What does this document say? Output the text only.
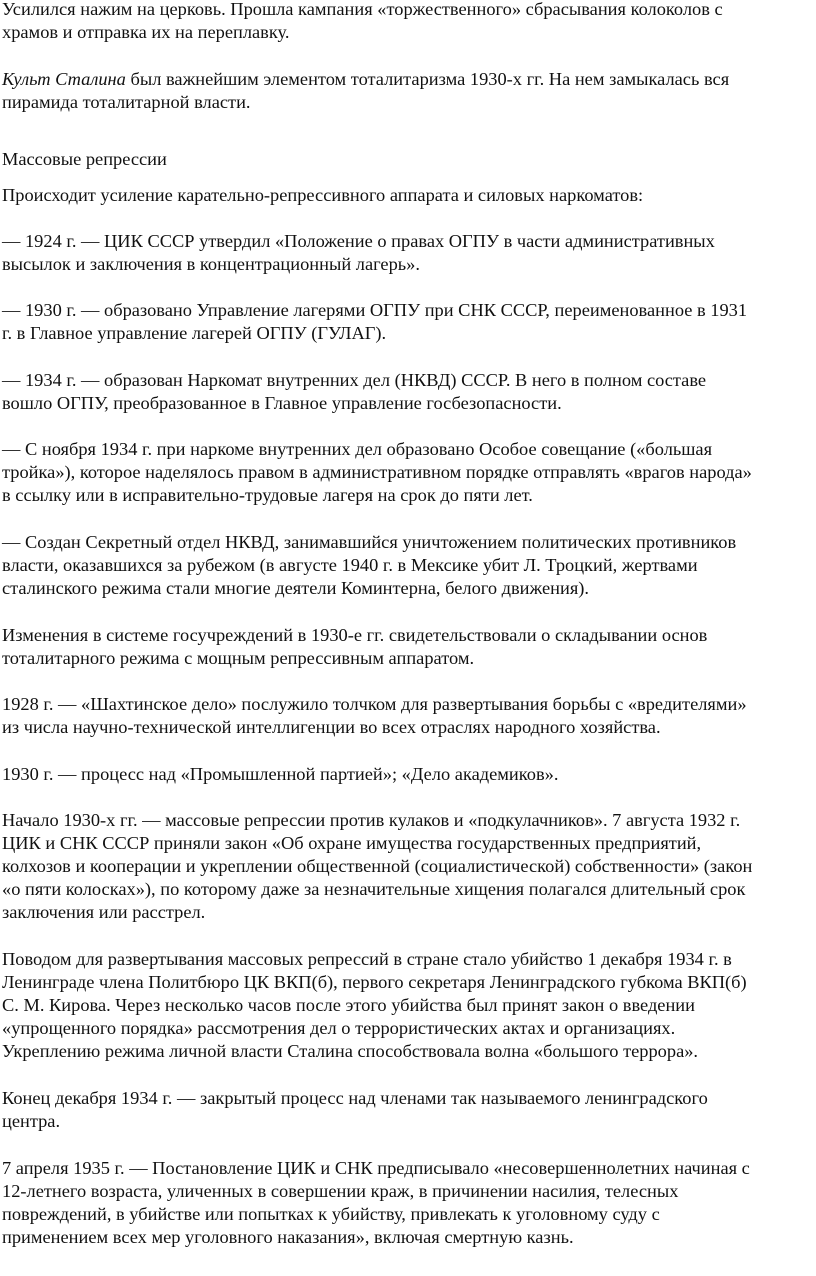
Усилился нажим на церковь. Прошла кампания «торжественного» сбрасывания колоколов с
храмов и отправка их на переплавку.

Культ Сталина был важнейшим элементом тоталитаризма 1930-х гг. На нем замыкалась вся
пирамида тоталитарной власти.

Массовые репрессии

Происходит усиление карательно-репрессивного аппарата и силовых наркоматов:

— 1924 г. — ЦИК СССР утвердил «Положение о правах ОГПУ в части административных
высылок и заключения в концентрационный лагерь».

— 1930 г. — образовано Управление лагерями ОГПУ при СНК СССР, переименованное в 1931
г. в Главное управление лагерей ОГПУ (ГУЛАГ).

— 1934 г. — образован Наркомат внутренних дел (НКВД) СССР. В него в полном составе
вошло ОГПУ, преобразованное в Главное управление госбезопасности.

— С ноября 1934 г. при наркоме внутренних дел образовано Особое совещание («большая
тройка»), которое наделялось правом в административном порядке отправлять «врагов народа»
в ссылку или в исправительно-трудовые лагеря на срок до пяти лет.

— Создан Секретный отдел НКВД, занимавшийся уничтожением политических противников
власти, оказавшихся за рубежом (в августе 1940 г. в Мексике убит Л. Троцкий, жертвами
сталинского режима стали многие деятели Коминтерна, белого движения).

Изменения в системе госучреждений в 1930-е гг. свидетельствовали о складывании основ
тоталитарного режима с мощным репрессивным аппаратом.

1928 г. — «Шахтинское дело» послужило толчком для развертывания борьбы с «вредителями»
из числа научно-технической интеллигенции во всех отраслях народного хозяйства.

1930 г. — процесс над «Промышленной партией»; «Дело академиков».

Начало 1930-х гг. — массовые репрессии против кулаков и «подкулачников». 7 августа 1932 г.
ЦИК и СНК СССР приняли закон «Об охране имущества государственных предприятий,
колхозов и кооперации и укреплении общественной (социалистической) собственности» (закон
«о пяти колосках»), по которому даже за незначительные хищения полагался длительный срок
заключения или расстрел.

Поводом для развертывания массовых репрессий в стране стало убийство 1 декабря 1934 г. в
Ленинграде члена Политбюро ЦК ВКП(б), первого секретаря Ленинградского губкома ВКП(б)
С. М. Кирова. Через несколько часов после этого убийства был принят закон о введении
«упрощенного порядка» рассмотрения дел о террористических актах и организациях.
Укреплению режима личной власти Сталина способствовала волна «большого террора».

Конец декабря 1934 г. — закрытый процесс над членами так называемого ленинградского
центра.

7 апреля 1935 г. — Постановление ЦИК и СНК предписывало «несовершеннолетних начиная с
12-летнего возраста, уличенных в совершении краж, в причинении насилия, телесных
повреждений, в убийстве или попытках к убийству, привлекать к уголовному суду с
применением всех мер уголовного наказания», включая смертную казнь.
